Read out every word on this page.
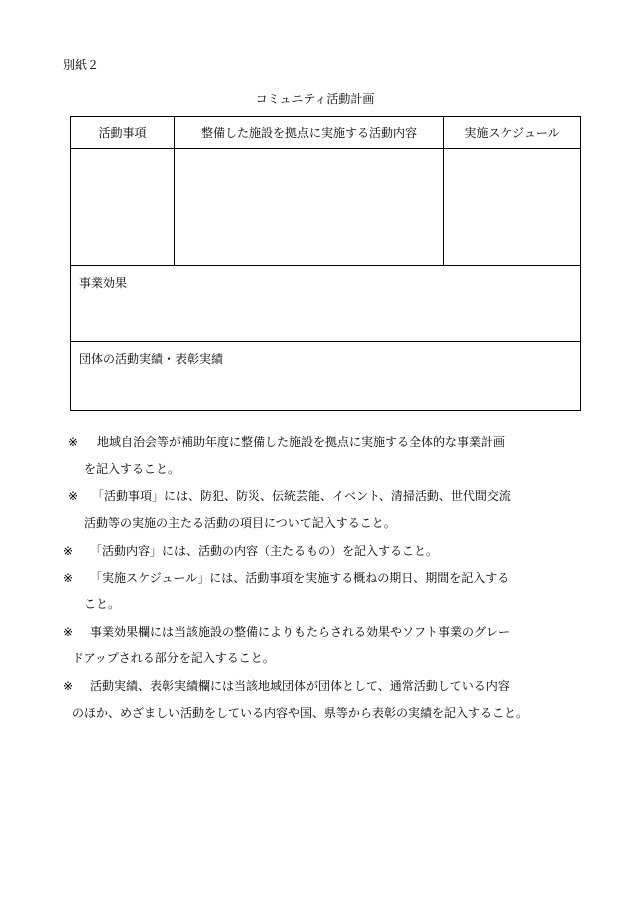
別紙２
コミュニティ活動計画
活動事項	整備した施設を拠点に実施する活動内容	実施スケジュール

事業効果		
団体の活動実績・表彰実績		
※ 地域自治会等が補助年度に整備した施設を拠点に実施する全体的な事業計画
を記入すること。
※ 「活動事項」には、防犯、防災、伝統芸能、イベント、清掃活動、世代間交流
活動等の実施の主たる活動の項目について記入すること。
※ 「活動内容」には、活動の内容（主たるもの）を記入すること。
※ 「実施スケジュール」には、活動事項を実施する概ねの期日、期間を記入する
こと。
※ 事業効果欄には当該施設の整備によりもたらされる効果やソフト事業のグレー
ドアップされる部分を記入すること。
※ 活動実績、表彰実績欄には当該地域団体が団体として、通常活動している内容
のほか、めざましい活動をしている内容や国、県等から表彰の実績を記入すること。
